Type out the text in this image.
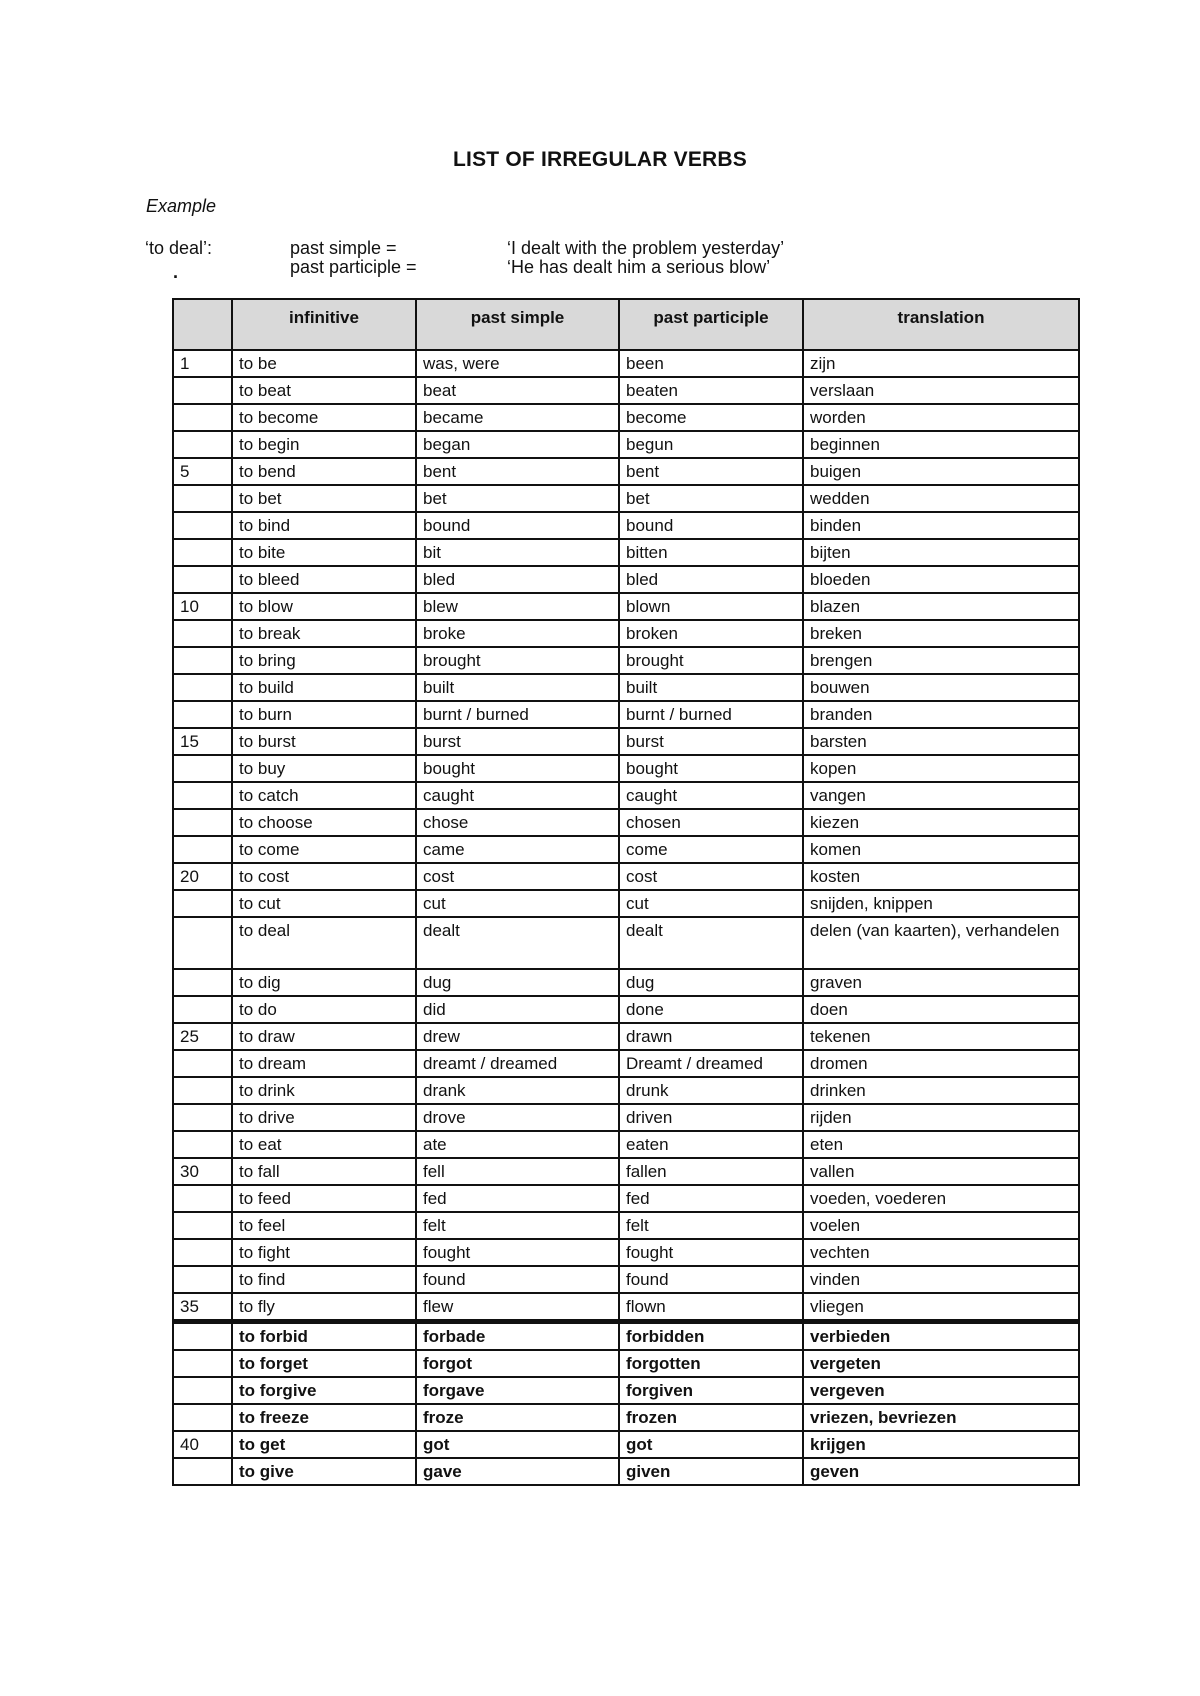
LIST OF IRREGULAR VERBS
Example
‘to deal’:	past simple =	‘I dealt with the problem yesterday’
past participle =	‘He has dealt him a serious blow’
.
	infinitive	past simple	past participle	translation
1	to be	was, were	been	zijn
	to beat	beat	beaten	verslaan
	to become	became	become	worden
	to begin	began	begun	beginnen
5	to bend	bent	bent	buigen
	to bet	bet	bet	wedden
	to bind	bound	bound	binden
	to bite	bit	bitten	bijten
	to bleed	bled	bled	bloeden
10	to blow	blew	blown	blazen
	to break	broke	broken	breken
	to bring	brought	brought	brengen
	to build	built	built	bouwen
	to burn	burnt / burned	burnt / burned	branden
15	to burst	burst	burst	barsten
	to buy	bought	bought	kopen
	to catch	caught	caught	vangen
	to choose	chose	chosen	kiezen
	to come	came	come	komen
20	to cost	cost	cost	kosten
	to cut	cut	cut	snijden, knippen
	to deal	dealt	dealt	delen (van kaarten), verhandelen
	to dig	dug	dug	graven
	to do	did	done	doen
25	to draw	drew	drawn	tekenen
	to dream	dreamt / dreamed	Dreamt / dreamed	dromen
	to drink	drank	drunk	drinken
	to drive	drove	driven	rijden
	to eat	ate	eaten	eten
30	to fall	fell	fallen	vallen
	to feed	fed	fed	voeden, voederen
	to feel	felt	felt	voelen
	to fight	fought	fought	vechten
	to find	found	found	vinden
35	to fly	flew	flown	vliegen
	to forbid	forbade	forbidden	verbieden
	to forget	forgot	forgotten	vergeten
	to forgive	forgave	forgiven	vergeven
	to freeze	froze	frozen	vriezen, bevriezen
40	to get	got	got	krijgen
	to give	gave	given	geven
